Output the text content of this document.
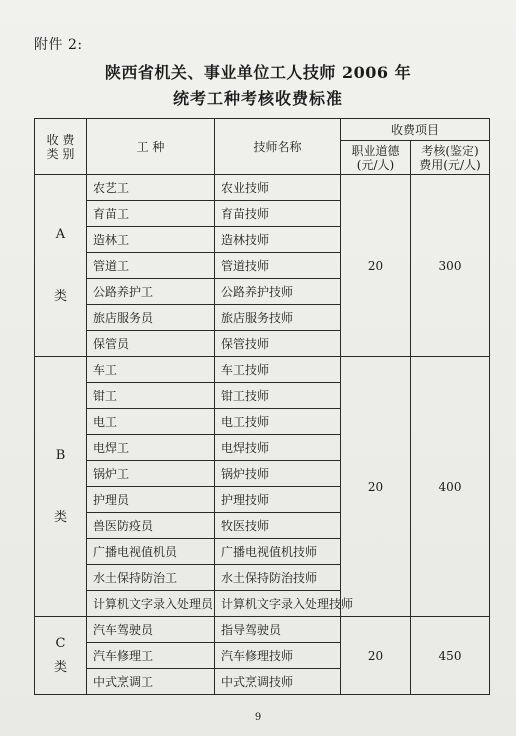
附件 2:
陕西省机关、事业单位工人技师 2006 年
统考工种考核收费标准
收 费 类 别	工 种	技师名称	收费项目	
			职业道德 (元/人)	考核(鉴定) 费用(元/人)

A
类	农艺工	农业技师	20	300
	育苗工	育苗技师		
	造林工	造林技师		
	管道工	管道技师		
	公路养护工	公路养护技师		
	旅店服务员	旅店服务技师		
	保管员	保管技师		

B
类	车工	车工技师	20	400
	钳工	钳工技师		
	电工	电工技师		
	电焊工	电焊技师		
	锅炉工	锅炉技师		
	护理员	护理技师		
	兽医防疫员	牧医技师		
	广播电视值机员	广播电视值机技师		
	水土保持防治工	水土保持防治技师		
	计算机文字录入处理员	计算机文字录入处理技师		

C
类	汽车驾驶员	指导驾驶员	20	450
	汽车修理工	汽车修理技师		
	中式烹调工	中式烹调技师		
9
